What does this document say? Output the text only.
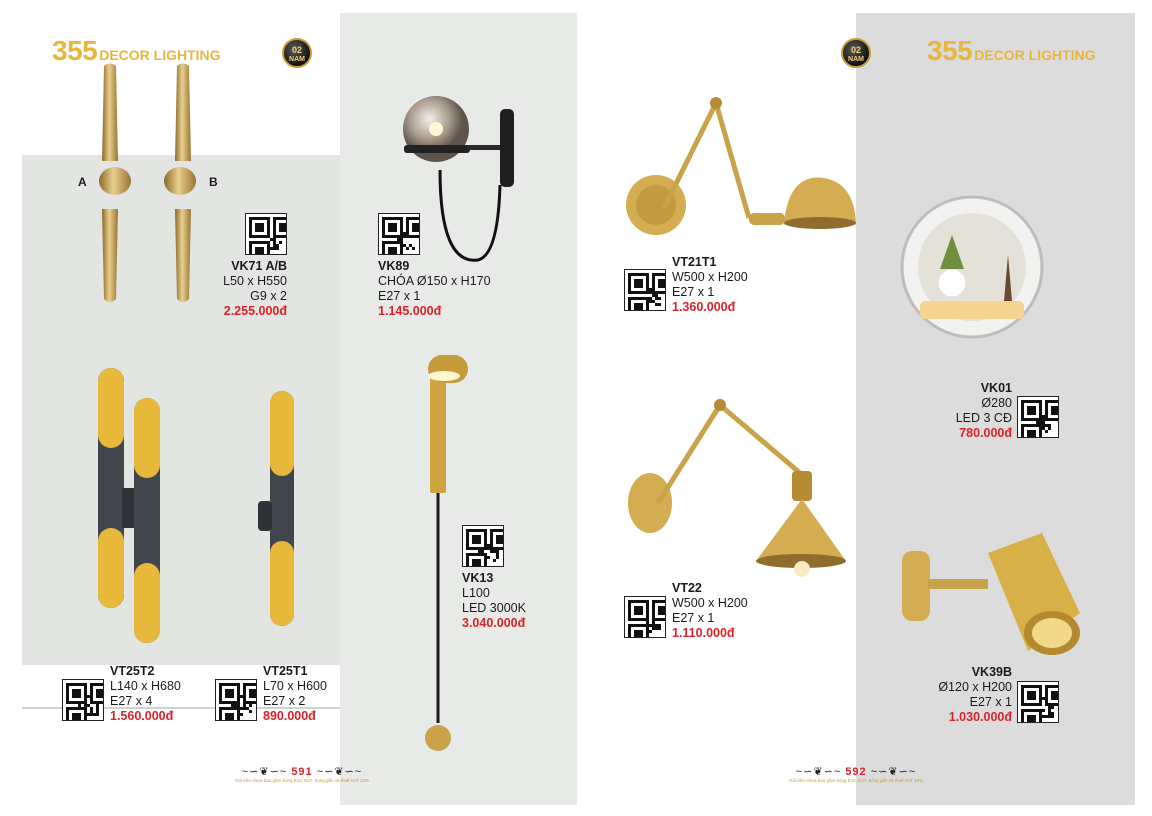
355 DECOR LIGHTING	02
NAM
A	B
VK71 A/B
L50 x H550
G9 x 2
2.255.000đ
VK89
CHÓA Ø150 x H170
E27 x 1
1.145.000đ
VK13
L100
LED 3000K
3.040.000đ
VT25T2
L140 x H680
E27 x 4
1.560.000đ
VT25T1
L70 x H600
E27 x 2
890.000đ
~∽❦∽~ 591 ~∽❦∽~
Giá trên chưa bao gồm bóng E14, E27, bóng gắn và thuế VAT 10%
02
NAM 355 DECOR LIGHTING
VT21T1
W500 x H200
E27 x 1
1.360.000đ
VK01
Ø280
LED 3 CĐ
780.000đ
VT22
W500 x H200
E27 x 1
1.110.000đ
VK39B
Ø120 x H200
E27 x 1
1.030.000đ
~∽❦∽~ 592 ~∽❦∽~
Giá trên chưa bao gồm bóng E14, E27, bóng gắn và thuế VAT 10%
